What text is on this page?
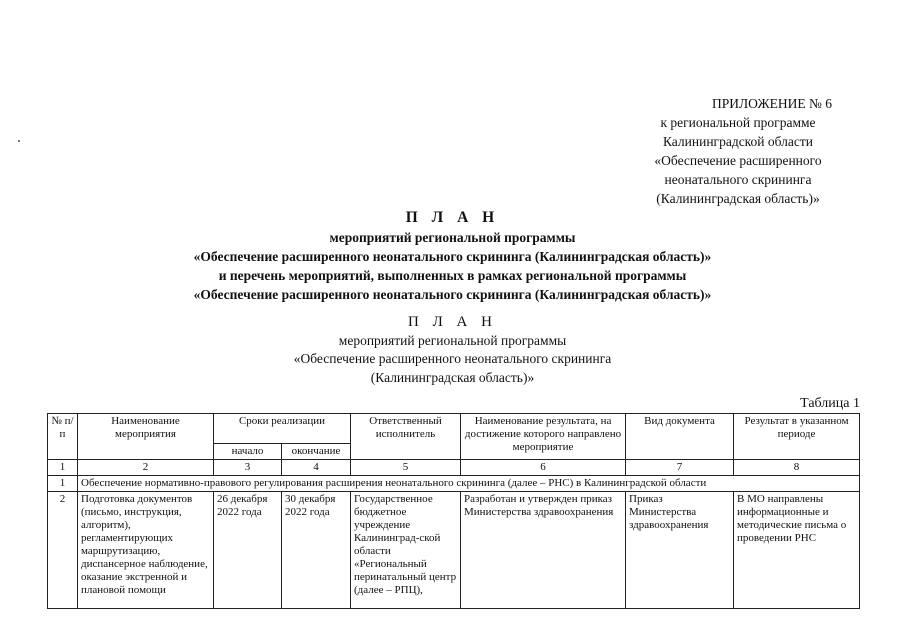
ПРИЛОЖЕНИЕ № 6
к региональной программе
Калининградской области
«Обеспечение расширенного
неонатального скрининга
(Калининградская область)»
П Л А Н
мероприятий региональной программы
«Обеспечение расширенного неонатального скрининга (Калининградская область)»
и перечень мероприятий, выполненных в рамках региональной программы
«Обеспечение расширенного неонатального скрининга (Калининградская область)»
П Л А Н
мероприятий региональной программы
«Обеспечение расширенного неонатального скрининга
(Калининградская область)»
Таблица 1
№ п/п	Наименование мероприятия	Сроки реализации		Ответственный исполнитель	Наименование результата, на достижение которого направлено мероприятие	Вид документа	Результат в указанном периоде
		начало	окончание				
1	2	3	4	5	6	7	8
1	Обеспечение нормативно-правового регулирования расширения неонатального скрининга (далее – РНС) в Калининградской области						
2	Подготовка документов (письмо, инструкция, алгоритм), регламентирующих маршрутизацию, диспансерное наблюдение, оказание экстренной и плановой помощи	26 декабря 2022 года	30 декабря 2022 года	Государственное бюджетное учреждение Калининград-ской области «Региональный перинатальный центр (далее – РПЦ),	Разработан и утвержден приказ Министерства здравоохранения	Приказ Министерства здравоохранения	В МО направлены информационные и методические письма о проведении РНС
